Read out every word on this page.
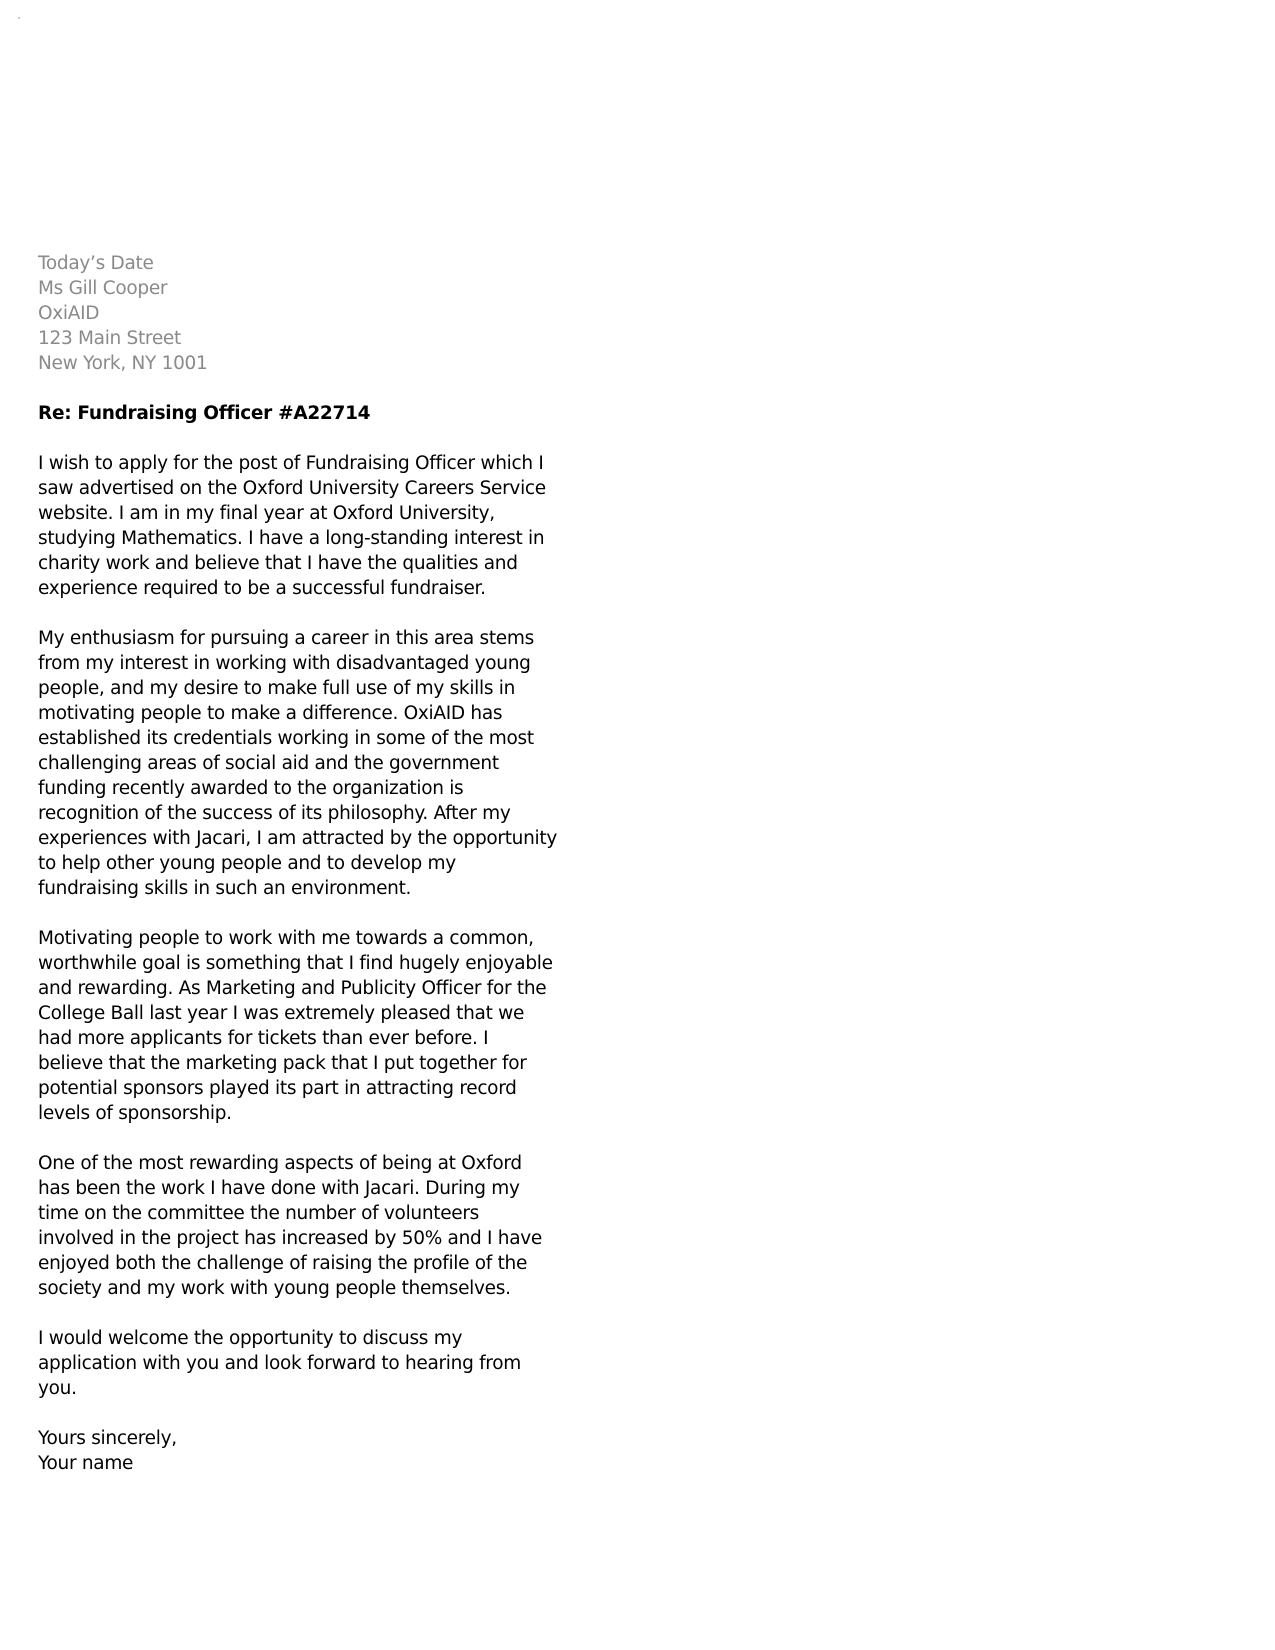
Today’s Date
Ms Gill Cooper
OxiAID
123 Main Street
New York, NY 1001
Re: Fundraising Officer #A22714

I wish to apply for the post of Fundraising Officer which I saw advertised on the Oxford University Careers Service website. I am in my final year at Oxford University, studying Mathematics. I have a long-standing interest in charity work and believe that I have the qualities and experience required to be a successful fundraiser.

My enthusiasm for pursuing a career in this area stems from my interest in working with disadvantaged young people, and my desire to make full use of my skills in motivating people to make a difference. OxiAID has established its credentials working in some of the most challenging areas of social aid and the government funding recently awarded to the organization is recognition of the success of its philosophy. After my experiences with Jacari, I am attracted by the opportunity to help other young people and to develop my fundraising skills in such an environment.

Motivating people to work with me towards a common, worthwhile goal is something that I find hugely enjoyable and rewarding. As Marketing and Publicity Officer for the College Ball last year I was extremely pleased that we had more applicants for tickets than ever before. I believe that the marketing pack that I put together for potential sponsors played its part in attracting record levels of sponsorship.

One of the most rewarding aspects of being at Oxford has been the work I have done with Jacari. During my time on the committee the number of volunteers involved in the project has increased by 50% and I have enjoyed both the challenge of raising the profile of the society and my work with young people themselves.

I would welcome the opportunity to discuss my application with you and look forward to hearing from you.

Yours sincerely,
Your name
